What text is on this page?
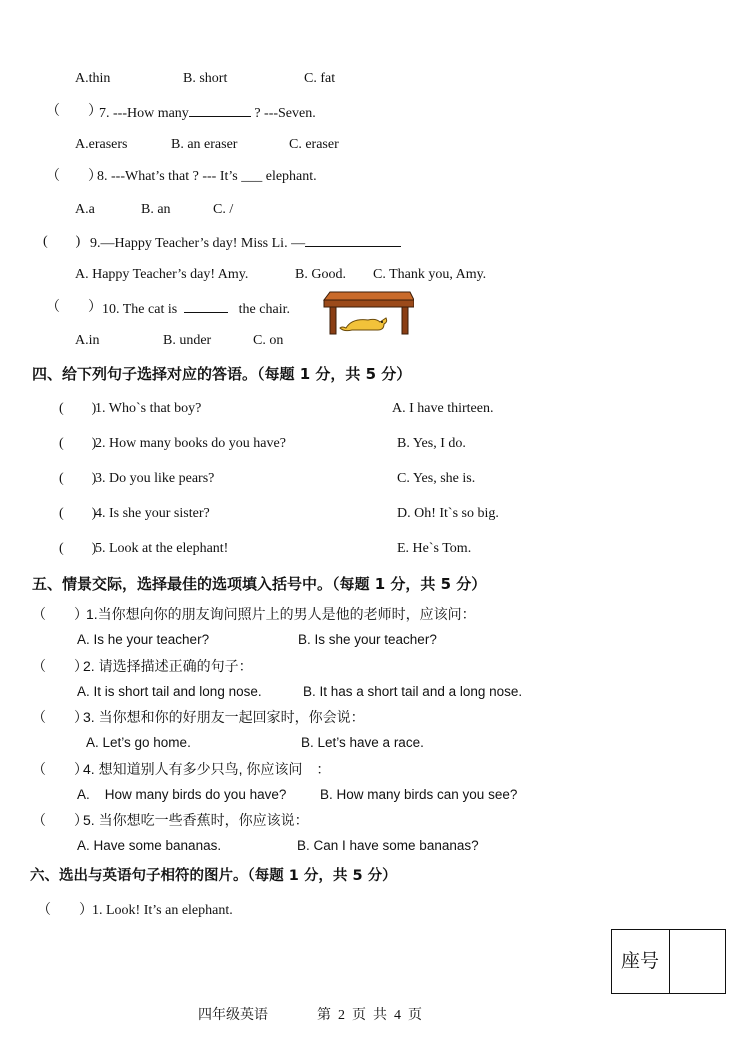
A.thin	B. short	C. fat
（　　）
7. ---How many	? ---Seven.
A.erasers	B. an eraser	C. eraser
（　　）
8. ---What’s that ? --- It’s ___ elephant.
A.a	B. an	C. /
(　　) 9.—Happy Teacher’s day! Miss Li. —
A. Happy Teacher’s day! Amy.	B. Good. C. Thank you, Amy.
（　　） 10. The cat is	the chair.
A.in	B. under	C. on
四、给下列句子选择对应的答语。（每题 1 分，共 5 分）
(　　)
1. Who`s that boy?	A. I have thirteen.
(　　)
2. How many books do you have?	B. Yes, I do.
(　　)
3. Do you like pears?	C. Yes, she is.
(　　)
4. Is she your sister?	D. Oh! It`s so big.
(　　)
5. Look at the elephant!	E. He`s Tom.
五、情景交际，选择最佳的选项填入括号中。（每题 1 分，共 5 分）
（　　）
1.当你想向你的朋友询问照片上的男人是他的老师时，应该问：
A. Is he your teacher?	B. Is she your teacher?
（　　）
2. 请选择描述正确的句子：
A. It is short tail and long nose.	B. It has a short tail and a long nose.
（　　）
3. 当你想和你的好朋友一起回家时，你会说：
A. Let’s go home.	B. Let’s have a race.
（　　）
4. 想知道别人有多少只鸟, 你应该问　：
A.    How many birds do you have? B. How many birds can you see?
（　　）
5. 当你想吃一些香蕉时，你应该说：
A. Have some bananas.	B. Can I have some bananas?
六、选出与英语句子相符的图片。（每题 1 分，共 5 分）
（　　） 1. Look! It’s an elephant.
座号
四年级英语	第  2  页  共  4  页
